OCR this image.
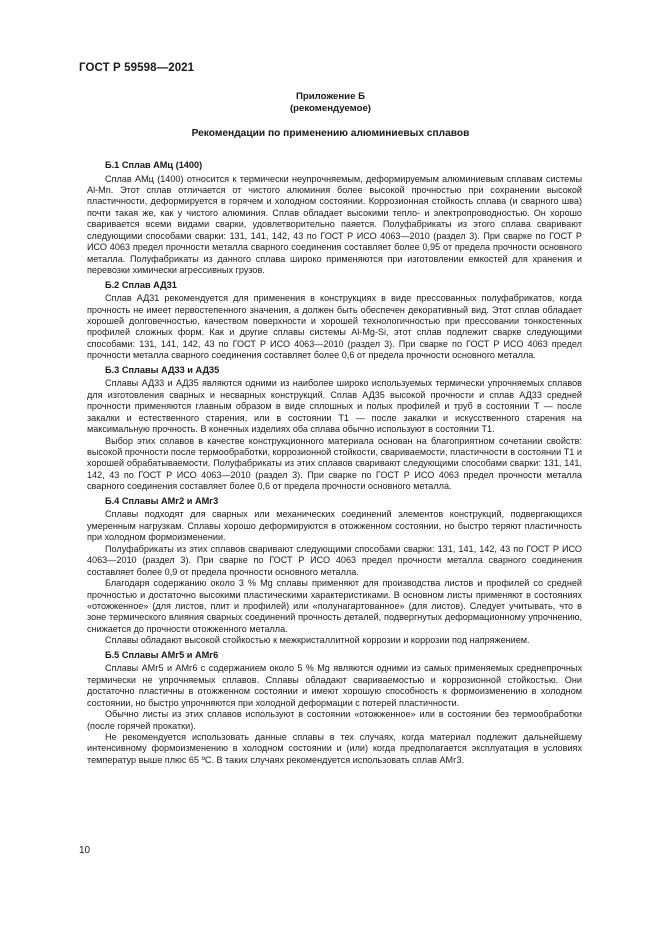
ГОСТ Р 59598—2021
Приложение Б
(рекомендуемое)
Рекомендации по применению алюминиевых сплавов
Б.1 Сплав АМц (1400)

Сплав АМц (1400) относится к термически неупрочняемым, деформируемым алюминиевым сплавам системы Al-Mn. Этот сплав отличается от чистого алюминия более высокой прочностью при сохранении высокой пластичности, деформируется в горячем и холодном состоянии. Коррозионная стойкость сплава (и сварного шва) почти такая же, как у чистого алюминия. Сплав обладает высокими тепло- и электропроводностью. Он хорошо сваривается всеми видами сварки, удовлетворительно паяется. Полуфабрикаты из этого сплава сваривают следующими способами сварки: 131, 141, 142, 43 по ГОСТ Р ИСО 4063—2010 (раздел 3). При сварке по ГОСТ Р ИСО 4063 предел прочности металла сварного соединения составляет более 0,95 от предела прочности основного металла. Полуфабрикаты из данного сплава широко применяются при изготовлении емкостей для хранения и перевозки химически агрессивных грузов.

Б.2 Сплав АД31

Сплав АД31 рекомендуется для применения в конструкциях в виде прессованных полуфабрикатов, когда прочность не имеет первостепенного значения, а должен быть обеспечен декоративный вид. Этот сплав обладает хорошей долговечностью, качеством поверхности и хорошей технологичностью при прессовании тонкостенных профилей сложных форм. Как и другие сплавы системы Al-Mg-Si, этот сплав подлежит сварке следующими способами: 131, 141, 142, 43 по ГОСТ Р ИСО 4063—2010 (раздел 3). При сварке по ГОСТ Р ИСО 4063 предел прочности металла сварного соединения составляет более 0,6 от предела прочности основного металла.

Б.3 Сплавы АД33 и АД35

Сплавы АД33 и АД35 являются одними из наиболее широко используемых термически упрочняемых сплавов для изготовления сварных и несварных конструкций. Сплав АД35 высокой прочности и сплав АД33 средней прочности применяются главным образом в виде сплошных и полых профилей и труб в состоянии Т — после закалки и естественного старения, или в состоянии Т1 — после закалки и искусственного старения на максимальную прочность. В конечных изделиях оба сплава обычно используют в состоянии Т1.

Выбор этих сплавов в качестве конструкционного материала основан на благоприятном сочетании свойств: высокой прочности после термообработки, коррозионной стойкости, свариваемости, пластичности в состоянии Т1 и хорошей обрабатываемости. Полуфабрикаты из этих сплавов сваривают следующими способами сварки: 131, 141, 142, 43 по ГОСТ Р ИСО 4063—2010 (раздел 3). При сварке по ГОСТ Р ИСО 4063 предел прочности металла сварного соединения составляет более 0,6 от предела прочности основного металла.

Б.4 Сплавы АМг2 и АМг3

Сплавы подходят для сварных или механических соединений элементов конструкций, подвергающихся умеренным нагрузкам. Сплавы хорошо деформируются в отожженном состоянии, но быстро теряют пластичность при холодном формоизменении.

Полуфабрикаты из этих сплавов сваривают следующими способами сварки: 131, 141, 142, 43 по ГОСТ Р ИСО 4063—2010 (раздел 3). При сварке по ГОСТ Р ИСО 4063 предел прочности металла сварного соединения составляет более 0,9 от предела прочности основного металла.

Благодаря содержанию около 3 % Mg сплавы применяют для производства листов и профилей со средней прочностью и достаточно высокими пластическими характеристиками. В основном листы применяют в состояниях «отожженное» (для листов, плит и профилей) или «полунагартованное» (для листов). Следует учитывать, что в зоне термического влияния сварных соединений прочность деталей, подвергнутых деформационному упрочнению, снижается до прочности отожженного металла.

Сплавы обладают высокой стойкостью к межкристаллитной коррозии и коррозии под напряжением.

Б.5 Сплавы АМг5 и АМг6

Сплавы АМг5 и АМг6 с содержанием около 5 % Mg являются одними из самых применяемых среднепрочных термически не упрочняемых сплавов. Сплавы обладают свариваемостью и коррозионной стойкостью. Они достаточно пластичны в отожженном состоянии и имеют хорошую способность к формоизменению в холодном состоянии, но быстро упрочняются при холодной деформации с потерей пластичности.

Обычно листы из этих сплавов используют в состоянии «отожженное» или в состоянии без термообработки (после горячей прокатки).

Не рекомендуется использовать данные сплавы в тех случаях, когда материал подлежит дальнейшему интенсивному формоизменению в холодном состоянии и (или) когда предполагается эксплуатация в условиях температур выше плюс 65 ºC. В таких случаях рекомендуется использовать сплав АМг3.

10
